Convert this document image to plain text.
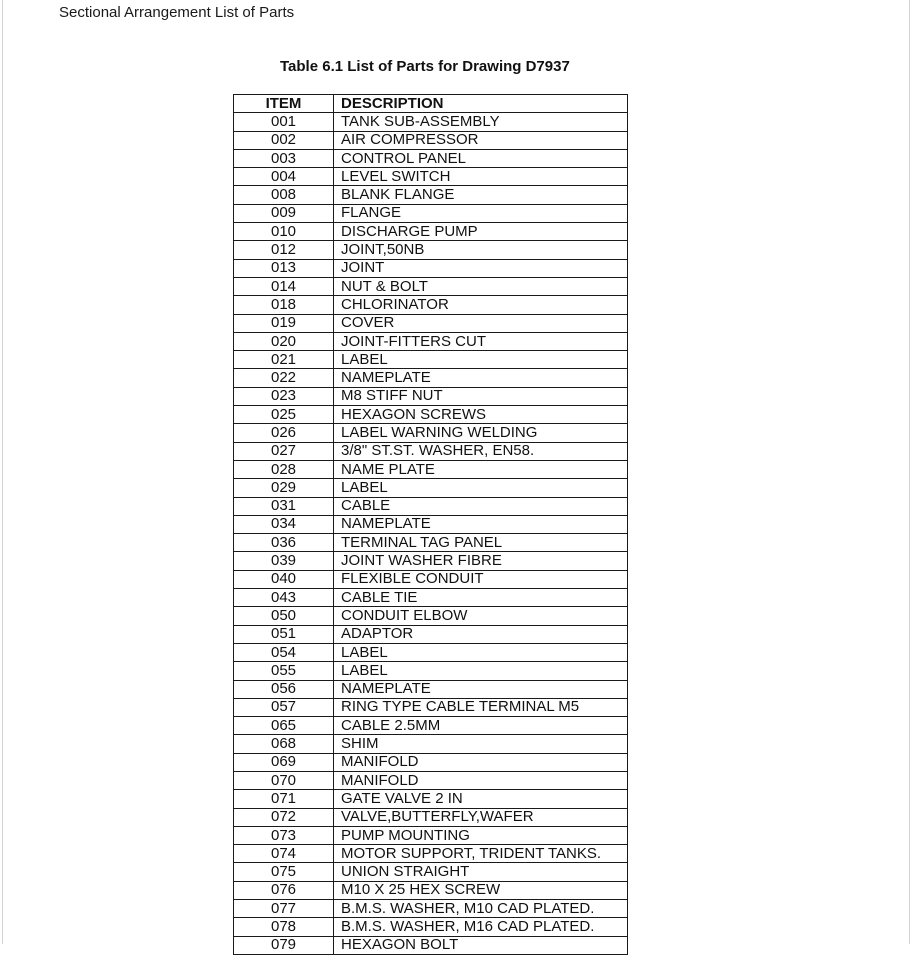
Sectional Arrangement List of Parts
Table 6.1 List of Parts for Drawing D7937
ITEM	DESCRIPTION
001	TANK SUB-ASSEMBLY
002	AIR COMPRESSOR
003	CONTROL PANEL
004	LEVEL SWITCH
008	BLANK FLANGE
009	FLANGE
010	DISCHARGE PUMP
012	JOINT,50NB
013	JOINT
014	NUT & BOLT
018	CHLORINATOR
019	COVER
020	JOINT-FITTERS CUT
021	LABEL
022	NAMEPLATE
023	M8 STIFF NUT
025	HEXAGON SCREWS
026	LABEL WARNING WELDING
027	3/8" ST.ST. WASHER, EN58.
028	NAME PLATE
029	LABEL
031	CABLE
034	NAMEPLATE
036	TERMINAL TAG PANEL
039	JOINT WASHER FIBRE
040	FLEXIBLE CONDUIT
043	CABLE TIE
050	CONDUIT ELBOW
051	ADAPTOR
054	LABEL
055	LABEL
056	NAMEPLATE
057	RING TYPE CABLE TERMINAL M5
065	CABLE 2.5MM
068	SHIM
069	MANIFOLD
070	MANIFOLD
071	GATE VALVE 2 IN
072	VALVE,BUTTERFLY,WAFER
073	PUMP MOUNTING
074	MOTOR SUPPORT, TRIDENT TANKS.
075	UNION STRAIGHT
076	M10 X 25 HEX SCREW
077	B.M.S. WASHER, M10 CAD PLATED.
078	B.M.S. WASHER, M16 CAD PLATED.
079	HEXAGON BOLT
